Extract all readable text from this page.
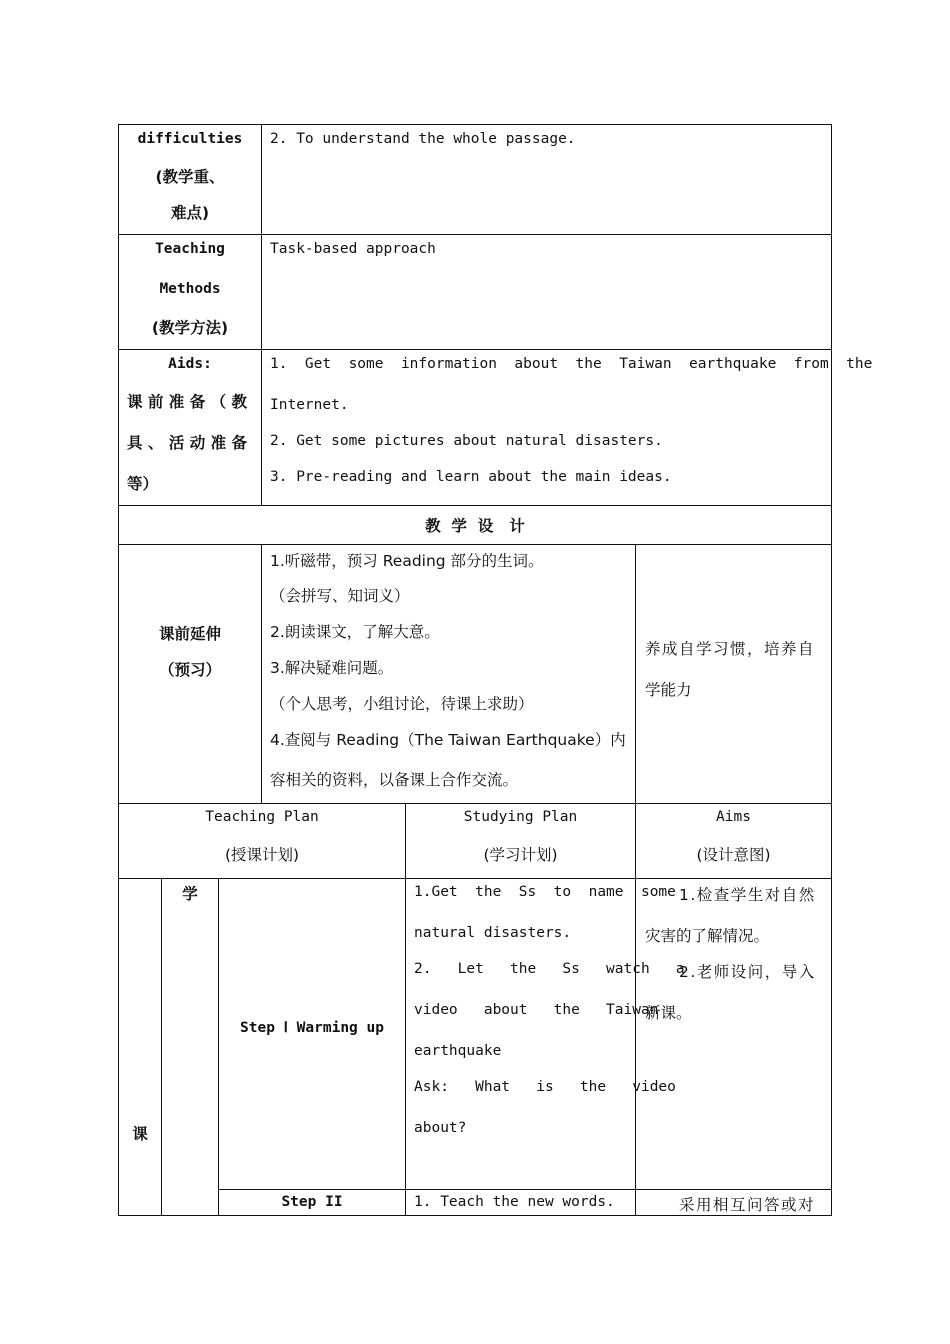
difficulties
(教学重、
难点)
2. To understand the whole passage.
Teaching
Methods
(教学方法)
Task-based approach
Aids:
课 前 准 备 （ 教
具 、 活 动 准 备
等）
1.  Get  some  information  about  the  Taiwan  earthquake  from  the
Internet.
2. Get some pictures about natural disasters.
3. Pre-reading and learn about the main ideas.
教  学  设   计
课前延伸
（预习）
1.听磁带，预习 Reading 部分的生词。
（会拼写、知词义）
2.朗读课文，了解大意。
3.解决疑难问题。
（个人思考，小组讨论，待课上求助）
4.查阅与 Reading（The Taiwan Earthquake）内
容相关的资料，以备课上合作交流。
养成自学习惯，培养自
学能力
Teaching Plan
(授课计划)
Studying Plan
(学习计划)
Aims
(设计意图)
课
学
Step Ⅰ Warming up
1.Get  the  Ss  to  name  some
natural disasters.
2.   Let   the   Ss   watch   a
video   about   the   Taiwan
earthquake
Ask:   What   is   the   video
about?
1.检查学生对自然
灾害的了解情况。
2.老师设问，导入
新课。
Step II	1. Teach the new words.	采用相互问答或对
